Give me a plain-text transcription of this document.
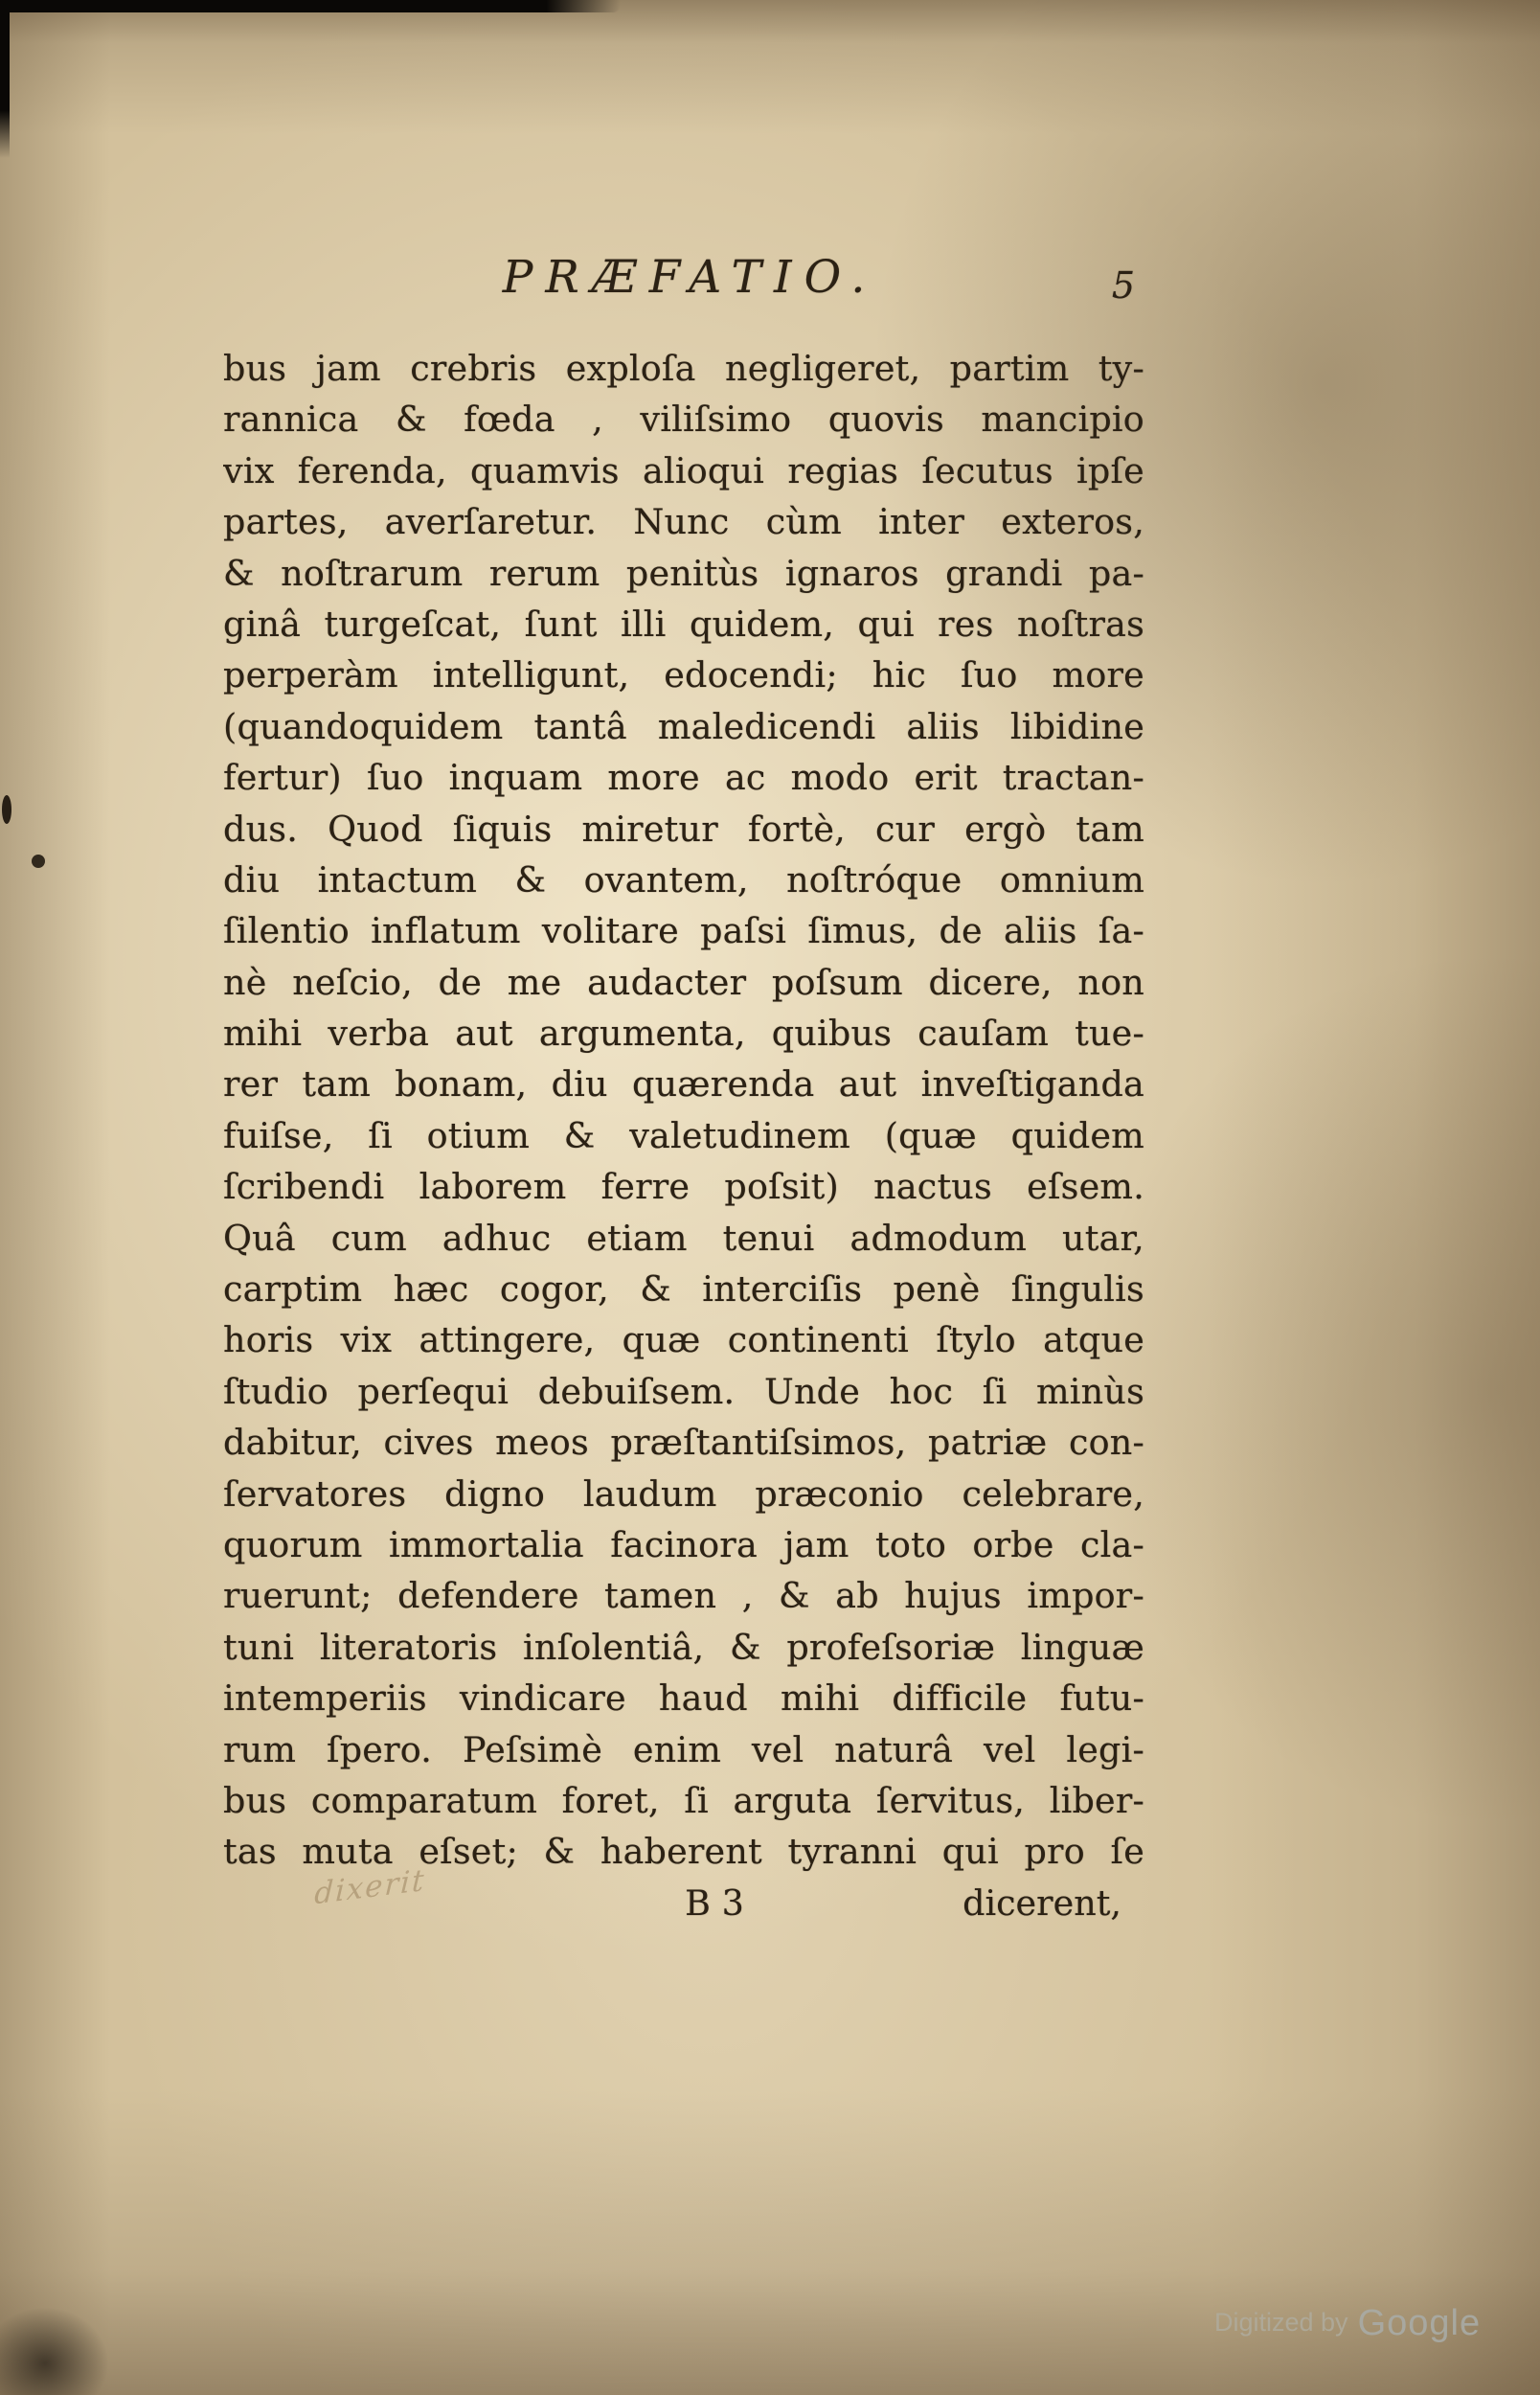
PRÆFATIO.	5
bus jam crebris exploſa negligeret, partim ty-
rannica & fœda , viliſsimo quovis mancipio
vix ferenda, quamvis alioqui regias ſecutus ipſe
partes, averſaretur. Nunc cùm inter exteros,
& noſtrarum rerum penitùs ignaros grandi pa-
ginâ turgeſcat, ſunt illi quidem, qui res noſtras
perperàm intelligunt, edocendi; hic ſuo more
(quandoquidem tantâ maledicendi aliis libidine
fertur) ſuo inquam more ac modo erit tractan-
dus. Quod ſiquis miretur fortè, cur ergò tam
diu intactum & ovantem, noſtróque omnium
ſilentio inflatum volitare paſsi ſimus, de aliis ſa-
nè neſcio, de me audacter poſsum dicere, non
mihi verba aut argumenta, quibus cauſam tue-
rer tam bonam, diu quærenda aut inveſtiganda
fuiſse, ſi otium & valetudinem (quæ quidem
ſcribendi laborem ferre poſsit) nactus eſsem.
Quâ cum adhuc etiam tenui admodum utar,
carptim hæc cogor, & interciſis penè ſingulis
horis vix attingere, quæ continenti ſtylo atque
ſtudio perſequi debuiſsem. Unde hoc ſi minùs
dabitur, cives meos præſtantiſsimos, patriæ con-
ſervatores digno laudum præconio celebrare,
quorum immortalia facinora jam toto orbe cla-
ruerunt; defendere tamen , & ab hujus impor-
tuni literatoris inſolentiâ, & profeſsoriæ linguæ
intemperiis vindicare haud mihi difficile futu-
rum ſpero. Peſsimè enim vel naturâ vel legi-
bus comparatum foret, ſi arguta ſervitus, liber-
tas muta eſset; & haberent tyranni qui pro ſe
B 3	dicerent,
dixerit
Digitized by Google
